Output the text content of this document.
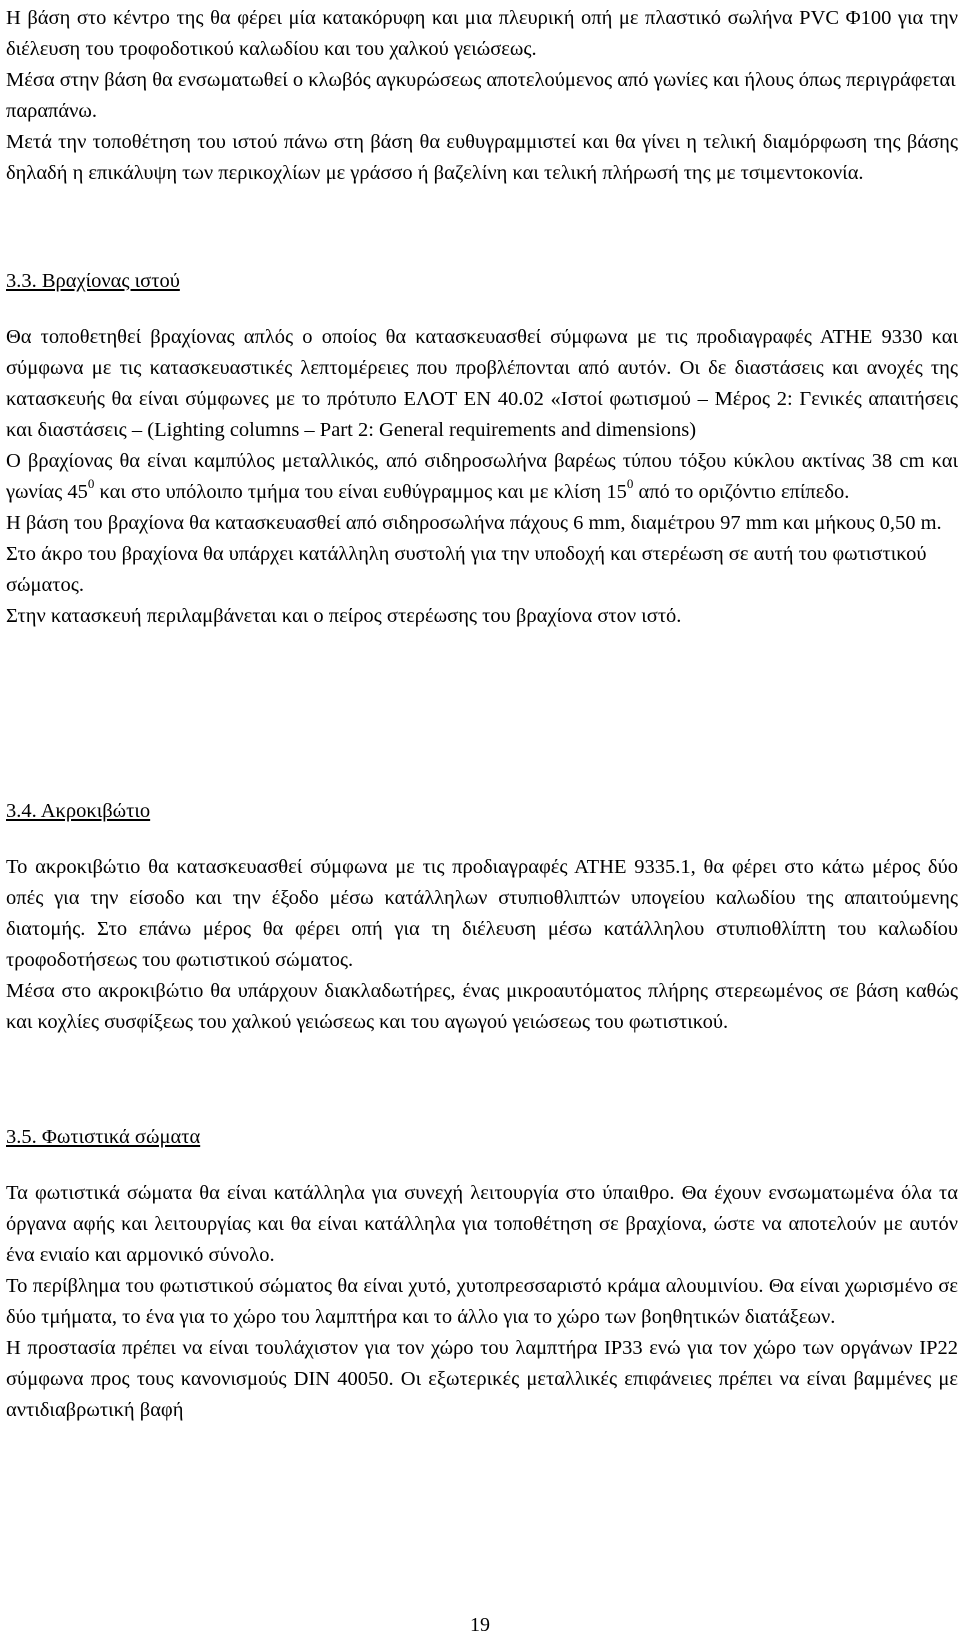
Η βάση στο κέντρο της θα φέρει μία κατακόρυφη και μια πλευρική οπή με πλαστικό σωλήνα PVC Φ100 για την διέλευση του τροφοδοτικού καλωδίου και του χαλκού γειώσεως.

Μέσα στην βάση θα ενσωματωθεί ο κλωβός αγκυρώσεως αποτελούμενος από γωνίες και ήλους όπως περιγράφεται παραπάνω.

Μετά την τοποθέτηση του ιστού πάνω στη βάση θα ευθυγραμμιστεί και θα γίνει η τελική διαμόρφωση της βάσης δηλαδή η επικάλυψη των περικοχλίων με γράσσο ή βαζελίνη και τελική πλήρωσή της με τσιμεντοκονία.

3.3. Βραχίονας ιστού

Θα τοποθετηθεί βραχίονας απλός ο οποίος θα κατασκευασθεί σύμφωνα με τις προδιαγραφές ΑΤΗΕ 9330 και σύμφωνα με τις κατασκευαστικές λεπτομέρειες που προβλέπονται από αυτόν. Οι δε διαστάσεις και ανοχές της κατασκευής θα είναι σύμφωνες με το πρότυπο ΕΛΟΤ ΕΝ 40.02 «Ιστοί φωτισμού – Μέρος 2: Γενικές απαιτήσεις και διαστάσεις – (Lighting columns – Part 2: General requirements and dimensions)

Ο βραχίονας θα είναι καμπύλος μεταλλικός, από σιδηροσωλήνα βαρέως τύπου τόξου κύκλου ακτίνας 38 cm και γωνίας $45^0$ και στο υπόλοιπο τμήμα του είναι ευθύγραμμος και με κλίση $15^0$ από το οριζόντιο επίπεδο.

Η βάση του βραχίονα θα κατασκευασθεί από σιδηροσωλήνα πάχους 6 mm, διαμέτρου 97 mm και μήκους 0,50 m.

Στο άκρο του βραχίονα θα υπάρχει κατάλληλη συστολή για την υποδοχή και στερέωση σε αυτή του φωτιστικού σώματος.

Στην κατασκευή περιλαμβάνεται και ο πείρος στερέωσης του βραχίονα στον ιστό.

3.4. Ακροκιβώτιο

Το ακροκιβώτιο θα κατασκευασθεί σύμφωνα με τις προδιαγραφές ΑΤΗΕ 9335.1, θα φέρει στο κάτω μέρος δύο οπές για την είσοδο και την έξοδο μέσω κατάλληλων στυπιοθλιπτών υπογείου καλωδίου της απαιτούμενης διατομής. Στο επάνω μέρος θα φέρει οπή για τη διέλευση μέσω κατάλληλου στυπιοθλίπτη του καλωδίου τροφοδοτήσεως του φωτιστικού σώματος.

Μέσα στο ακροκιβώτιο θα υπάρχουν διακλαδωτήρες, ένας μικροαυτόματος πλήρης στερεωμένος σε βάση καθώς και κοχλίες συσφίξεως του χαλκού γειώσεως και του αγωγού γειώσεως του φωτιστικού.

3.5. Φωτιστικά σώματα

Τα φωτιστικά σώματα θα είναι κατάλληλα για συνεχή λειτουργία στο ύπαιθρο. Θα έχουν ενσωματωμένα όλα τα όργανα αφής και λειτουργίας και θα είναι κατάλληλα για τοποθέτηση σε βραχίονα, ώστε να αποτελούν με αυτόν ένα ενιαίο και αρμονικό σύνολο.

Το περίβλημα του φωτιστικού σώματος θα είναι χυτό, χυτοπρεσσαριστό κράμα αλουμινίου. Θα είναι χωρισμένο σε δύο τμήματα, το ένα για το χώρο του λαμπτήρα και το άλλο για το χώρο των βοηθητικών διατάξεων.

Η προστασία πρέπει να είναι τουλάχιστον για τον χώρο του λαμπτήρα IP33 ενώ για τον χώρο των οργάνων IP22 σύμφωνα προς τους κανονισμούς DIN 40050. Οι εξωτερικές μεταλλικές επιφάνειες πρέπει να είναι βαμμένες με αντιδιαβρωτική βαφή

19
